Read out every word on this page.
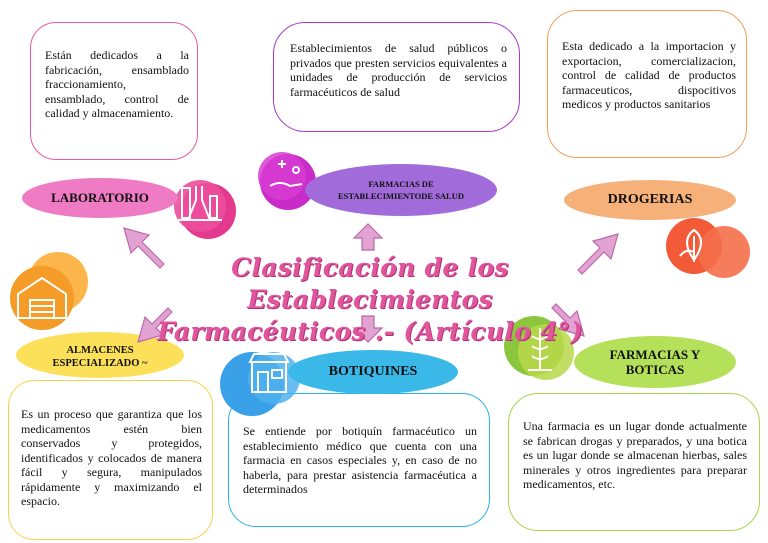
Están dedicados a la fabricación, ensamblado fraccionamiento, ensamblado, control de calidad y almacenamiento.

Establecimientos de salud públicos o privados que presten servicios equivalentes a unidades de producción de servicios farmacéuticos de salud

Esta dedicado a la importacion y exportacion, comercializacion, control de calidad de productos farmaceuticos, dispocitivos medicos y productos sanitarios

Es un proceso que garantiza que los medicamentos estén bien conservados y protegidos, identificados y colocados de manera fácil y segura, manipulados rápidamente y maximizando el espacio.

Se entiende por botiquín farmacéutico un establecimiento médico que cuenta con una farmacia en casos especiales y, en caso de no haberla, para prestar asistencia farmacéutica a determinados

Una farmacia es un lugar donde actualmente se fabrican drogas y preparados, y una botica es un lugar donde se almacenan hierbas, sales minerales y otros ingredientes para preparar medicamentos, etc.

LABORATORIO
FARMACIAS DE ESTABLECIMIENTODE SALUD	DROGERIAS
ALMACENES ESPECIALIZADO ~
BOTIQUINES
FARMACIAS Y BOTICAS
Clasificación de los Establecimientos
Farmacéuticos .- (Artículo 4°)
